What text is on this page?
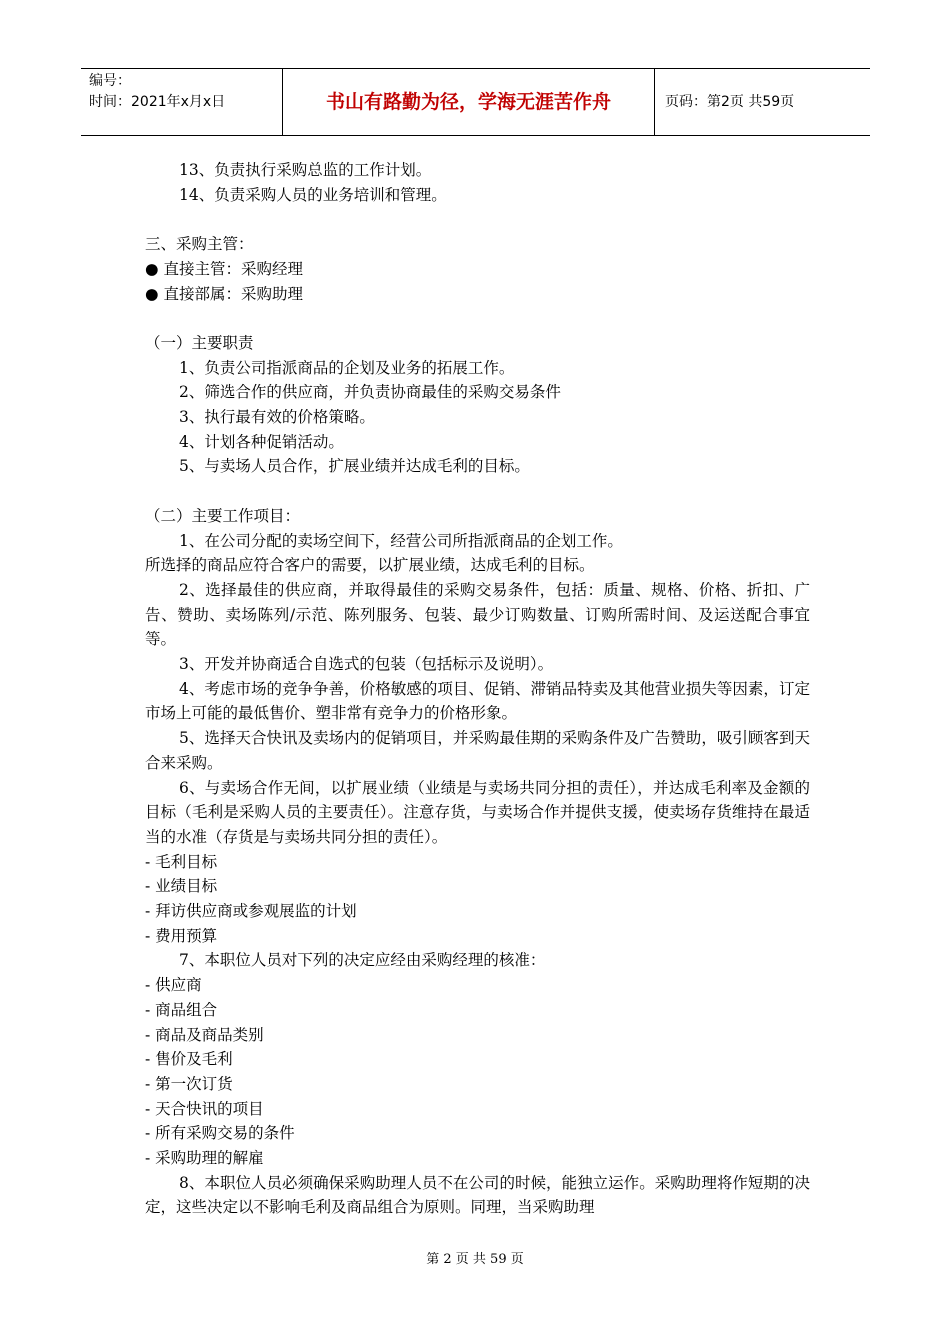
编号：
时间：2021年x月x日	书山有路勤为径，学海无涯苦作舟	页码：第2页 共59页

13、负责执行采购总监的工作计划。

14、负责采购人员的业务培训和管理。

三、采购主管：

● 直接主管：采购经理

● 直接部属：采购助理

（一）主要职责

1、负责公司指派商品的企划及业务的拓展工作。

2、筛选合作的供应商，并负责协商最佳的采购交易条件

3、执行最有效的价格策略。

4、计划各种促销活动。

5、与卖场人员合作，扩展业绩并达成毛利的目标。

（二）主要工作项目：

1、在公司分配的卖场空间下，经营公司所指派商品的企划工作。

所选择的商品应符合客户的需要，以扩展业绩，达成毛利的目标。

2、选择最佳的供应商，并取得最佳的采购交易条件，包括：质量、规格、价格、折扣、广告、赞助、卖场陈列/示范、陈列服务、包装、最少订购数量、订购所需时间、及运送配合事宜等。

3、开发并协商适合自选式的包装（包括标示及说明）。

4、考虑市场的竞争争善，价格敏感的项目、促销、滞销品特卖及其他营业损失等因素，订定市场上可能的最低售价、塑非常有竞争力的价格形象。

5、选择天合快讯及卖场内的促销项目，并采购最佳期的采购条件及广告赞助，吸引顾客到天合来采购。

6、与卖场合作无间，以扩展业绩（业绩是与卖场共同分担的责任），并达成毛利率及金额的目标（毛利是采购人员的主要责任）。注意存货，与卖场合作并提供支援，使卖场存货维持在最适当的水准（存货是与卖场共同分担的责任）。

- 毛利目标

- 业绩目标

- 拜访供应商或参观展监的计划

- 费用预算

7、本职位人员对下列的决定应经由采购经理的核准：

- 供应商

- 商品组合

- 商品及商品类别

- 售价及毛利

- 第一次订货

- 天合快讯的项目

- 所有采购交易的条件

- 采购助理的解雇

8、本职位人员必须确保采购助理人员不在公司的时候，能独立运作。采购助理将作短期的决定，这些决定以不影响毛利及商品组合为原则。同理，当采购助理

第 2 页 共 59 页
